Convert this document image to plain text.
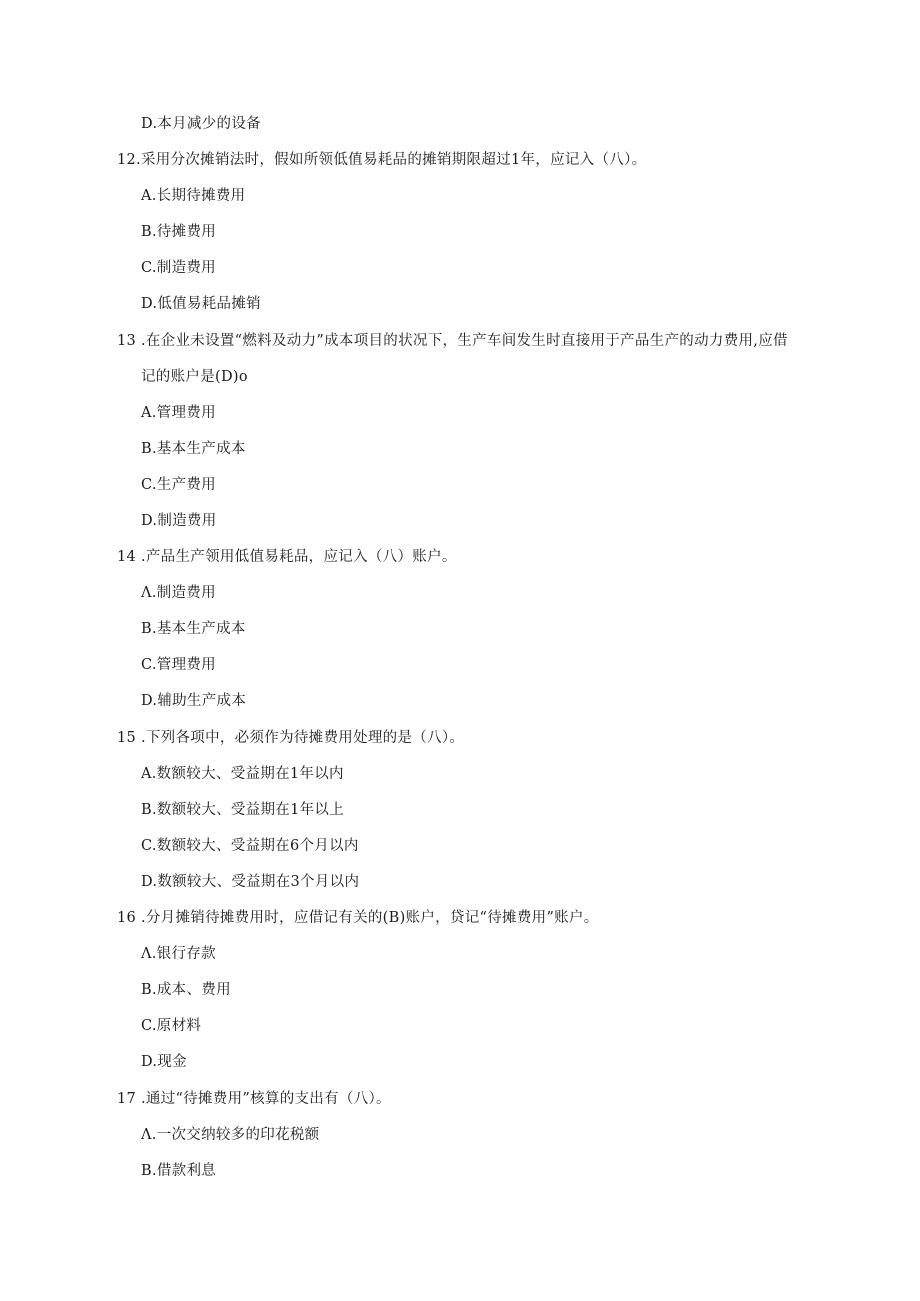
D.本月减少的设备
12.采用分次摊销法时，假如所领低值易耗品的摊销期限超过1年，应记入（八）。
A.长期待摊费用
B.待摊费用
C.制造费用
D.低值易耗品摊销
13 .在企业未设置“燃料及动力”成本项目的状况下，生产车间发生时直接用于产品生产的动力费用,应借
记的账户是(D)o
A.管理费用
B.基本生产成本
C.生产费用
D.制造费用
14 .产品生产领用低值易耗品，应记入（八）账户。
Λ.制造费用
B.基本生产成本
C.管理费用
D.辅助生产成本
15 .下列各项中，必须作为待摊费用处理的是（八）。
A.数额较大、受益期在1年以内
B.数额较大、受益期在1年以上
C.数额较大、受益期在6个月以内
D.数额较大、受益期在3个月以内
16 .分月摊销待摊费用时，应借记有关的(B)账户，贷记“待摊费用”账户。
Λ.银行存款
B.成本、费用
C.原材料
D.现金
17 .通过“待摊费用”核算的支出有（八）。
Λ.一次交纳较多的印花税额
B.借款利息
